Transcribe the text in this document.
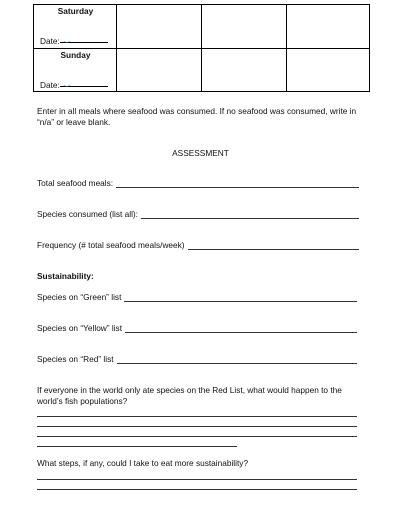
Saturday
Date: ‿
Sunday
Date: ‿
Enter in all meals where seafood was consumed. If no seafood was consumed, write in “n/a” or leave blank.
ASSESSMENT
Total seafood meals:
Species consumed (list all):
Frequency (# total seafood meals/week)
Sustainability:
Species on “Green” list
Species on “Yellow” list
Species on “Red” list
If everyone in the world only ate species on the Red List, what would happen to the world’s fish populations?
What steps, if any, could I take to eat more sustainability?
